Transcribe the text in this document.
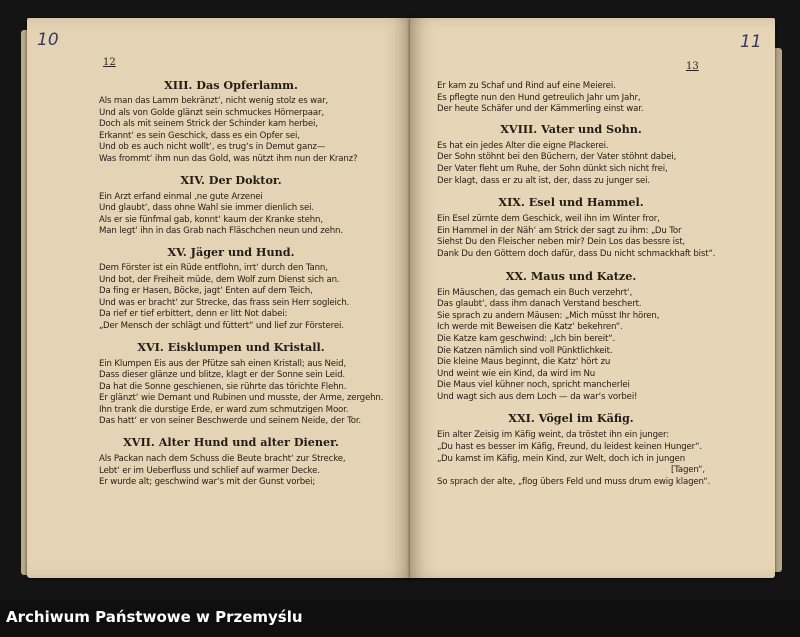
10	11
12	13
XIII. Das Opferlamm.
Als man das Lamm bekränzt‘, nicht wenig stolz es war,
Und als von Golde glänzt sein schmuckes Hörnerpaar,
Doch als mit seinem Strick der Schinder kam herbei,
Erkannt‘ es sein Geschick, dass es ein Opfer sei,
Und ob es auch nicht wollt‘, es trug‘s in Demut ganz—
Was frommt‘ ihm nun das Gold, was nützt ihm nun der Kranz?
XIV. Der Doktor.
Ein Arzt erfand einmal ‚ne gute Arzenei
Und glaubt‘, dass ohne Wahl sie immer dienlich sei.
Als er sie fünfmal gab, konnt‘ kaum der Kranke stehn,
Man legt‘ ihn in das Grab nach Fläschchen neun und zehn.
XV. Jäger und Hund.
Dem Förster ist ein Rüde entflohn, irrt‘ durch den Tann,
Und bot, der Freiheit müde, dem Wolf zum Dienst sich an.
Da fing er Hasen, Böcke, jagt‘ Enten auf dem Teich,
Und was er bracht‘ zur Strecke, das frass sein Herr sogleich.
Da rief er tief erbittert, denn er litt Not dabei:
„Der Mensch der schlägt und füttert“ und lief zur Försterei.
XVI. Eisklumpen und Kristall.
Ein Klumpen Eis aus der Pfütze sah einen Kristall; aus Neid,
Dass dieser glänze und blitze, klagt er der Sonne sein Leid.
Da hat die Sonne geschienen, sie rührte das törichte Flehn.
Er glänzt‘ wie Demant und Rubinen und musste, der Arme, zergehn.
Ihn trank die durstige Erde, er ward zum schmutzigen Moor.
Das hatt‘ er von seiner Beschwerde und seinem Neide, der Tor.
XVII. Alter Hund und alter Diener.
Als Packan nach dem Schuss die Beute bracht‘ zur Strecke,
Lebt‘ er im Ueberfluss und schlief auf warmer Decke.
Er wurde alt; geschwind war‘s mit der Gunst vorbei;
Er kam zu Schaf und Rind auf eine Meierei.
Es pflegte nun den Hund getreulich Jahr um Jahr,
Der heute Schäfer und der Kämmerling einst war.
XVIII. Vater und Sohn.
Es hat ein jedes Alter die eigne Plackerei.
Der Sohn stöhnt bei den Büchern, der Vater stöhnt dabei,
Der Vater fleht um Ruhe, der Sohn dünkt sich nicht frei,
Der klagt, dass er zu alt ist, der, dass zu junger sei.
XIX. Esel und Hammel.
Ein Esel zürnte dem Geschick, weil ihn im Winter fror,
Ein Hammel in der Näh‘ am Strick der sagt zu ihm: „Du Tor
Siehst Du den Fleischer neben mir? Dein Los das bessre ist,
Dank Du den Göttern doch dafür, dass Du nicht schmackhaft bist“.
XX. Maus und Katze.
Ein Mäuschen, das gemach ein Buch verzehrt‘,
Das glaubt‘, dass ihm danach Verstand beschert.
Sie sprach zu andern Mäusen: „Mich müsst Ihr hören,
Ich werde mit Beweisen die Katz‘ bekehren“.
Die Katze kam geschwind: „Ich bin bereit“.
Die Katzen nämlich sind voll Pünktlichkeit.
Die kleine Maus beginnt, die Katz‘ hört zu
Und weint wie ein Kind, da wird im Nu
Die Maus viel kühner noch, spricht mancherlei
Und wagt sich aus dem Loch — da war‘s vorbei!
XXI. Vögel im Käfig.
Ein alter Zeisig im Käfig weint, da tröstet ihn ein junger:
„Du hast es besser im Käfig, Freund, du leidest keinen Hunger“.
„Du kamst im Käfig, mein Kind, zur Welt, doch ich in jungen
[Tagen“,
So sprach der alte, „flog übers Feld und muss drum ewig klagen“.
Archiwum Państwowe w Przemyślu
